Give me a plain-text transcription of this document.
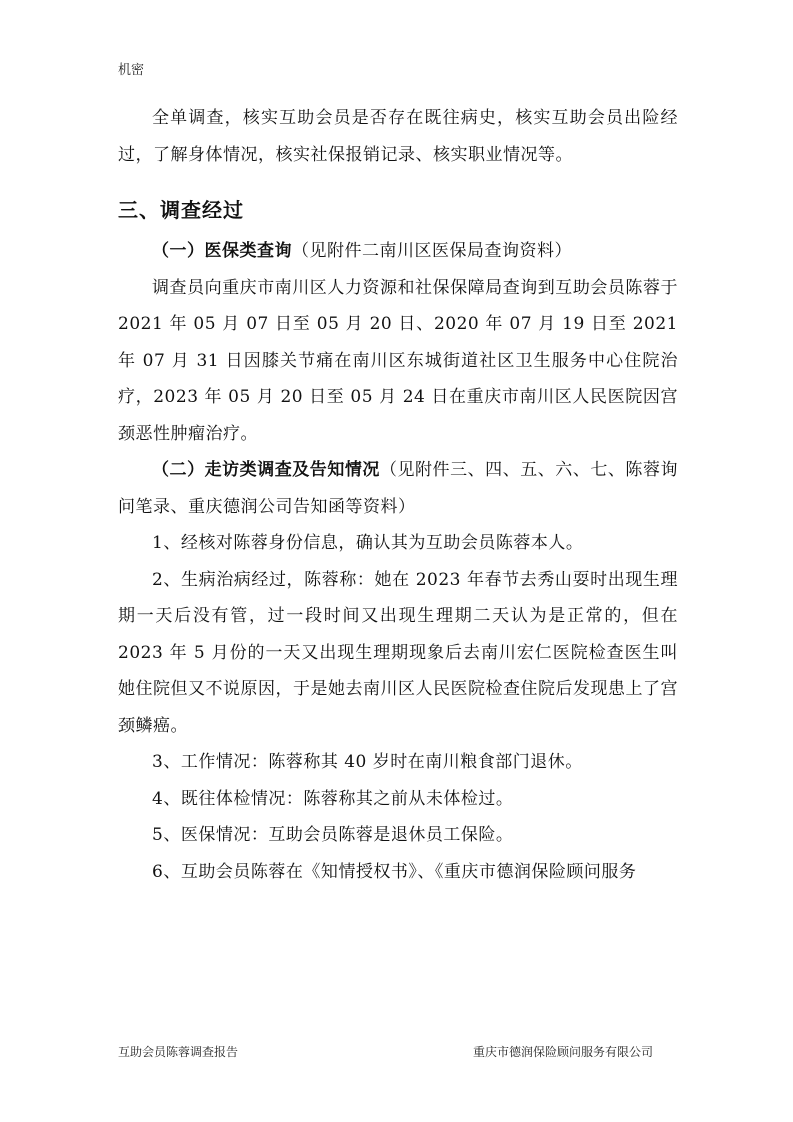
机密

全单调查，核实互助会员是否存在既往病史，核实互助会员出险经过，了解身体情况，核实社保报销记录、核实职业情况等。

三、调查经过

（一）医保类查询（见附件二南川区医保局查询资料）

调查员向重庆市南川区人力资源和社保保障局查询到互助会员陈蓉于 2021 年 05 月 07 日至 05 月 20 日、2020 年 07 月 19 日至 2021 年 07 月 31 日因膝关节痛在南川区东城街道社区卫生服务中心住院治疗，2023 年 05 月 20 日至 05 月 24 日在重庆市南川区人民医院因宫颈恶性肿瘤治疗。

（二）走访类调查及告知情况（见附件三、四、五、六、七、陈蓉询问笔录、重庆德润公司告知函等资料）

1、经核对陈蓉身份信息，确认其为互助会员陈蓉本人。

2、生病治病经过，陈蓉称：她在 2023 年春节去秀山耍时出现生理期一天后没有管，过一段时间又出现生理期二天认为是正常的，但在 2023 年 5 月份的一天又出现生理期现象后去南川宏仁医院检查医生叫她住院但又不说原因，于是她去南川区人民医院检查住院后发现患上了宫颈鳞癌。

3、工作情况：陈蓉称其 40 岁时在南川粮食部门退休。

4、既往体检情况：陈蓉称其之前从未体检过。

5、医保情况：互助会员陈蓉是退休员工保险。

6、互助会员陈蓉在《知情授权书》、《重庆市德润保险顾问服务

互助会员陈蓉调查报告	重庆市德润保险顾问服务有限公司
